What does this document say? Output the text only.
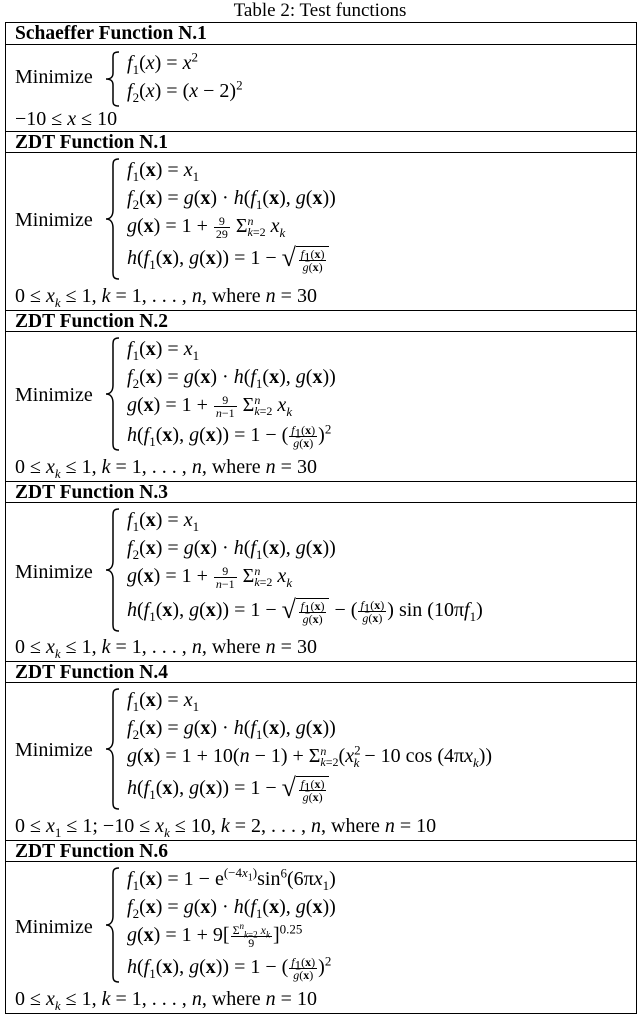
Table 2: Test functions
Schaeffer Function N.1
Minimize
$f_1(x) = x^2$
$f_2(x) = (x - 2)^2$
−10 ≤ x ≤ 10
ZDT Function N.1
Minimize
$f_1(x) = x_1$
$f_2(x) = g(x) \cdot h(f_1(x)$, g(x))
$g(x) = 1 + \frac{9}{29}$ Σn
k=2 $x_k$
$h(f_1(x)$, g(x)) = 1 − √ $\frac{f_1(x)}{g(x)}$
$0 \le x_k \le 1$, k = 1, . . . , n, where n = 30
ZDT Function N.2
Minimize
$f_1(x) = x_1$
$f_2(x) = g(x) \cdot h(f_1(x)$, g(x))
$g(x) = 1 + \frac{9}{n-1}$ Σn
k=2 $x_k$
$h(f_1(x)$, g(x)) = 1 − ( $\frac{f_1(x)}{g(x)} )^2$
$0 \le x_k \le 1$, k = 1, . . . , n, where n = 30
ZDT Function N.3
Minimize
$f_1(x) = x_1$
$f_2(x) = g(x) \cdot h(f_1(x)$, g(x))
$g(x) = 1 + \frac{9}{n-1}$ Σn
k=2 $x_k$
$h(f_1(x)$, g(x)) = 1 − √ $\frac{f_1(x)}{g(x)}$ − ( $\frac{f_1(x)}{g(x)}$ ) $\sin (10\pi f_1)$
$0 \le x_k \le 1$, k = 1, . . . , n, where n = 30
ZDT Function N.4
Minimize
$f_1(x) = x_1$
$f_2(x) = g(x) \cdot h(f_1(x)$, g(x))
g(x) = 1 + 10(n − 1) + Σn
$k=2(x^2_k - 10$ $\cos (4\pi x_k)$)
$h(f_1(x)$, g(x)) = 1 − √ $\frac{f_1(x)}{g(x)}$
$0 \le x_1 \le 1$; $-10 \le x_k \le 10$, k = 2, . . . , n, where n = 10
ZDT Function N.6
Minimize
$f_1(x) = 1 - e^{(-4x_1)}\sin^6(6\pi x_1)$
$f_2(x) = g(x) \cdot h(f_1(x)$, g(x))
$g(x) = 1 + 9[ \frac{\Sigma^n_{k=2} x_k}{9} ]^{0.25}$
$h(f_1(x)$, g(x)) = 1 − ( $\frac{f_1(x)}{g(x)} )^2$
$0 \le x_k \le 1$, k = 1, . . . , n, where n = 10
